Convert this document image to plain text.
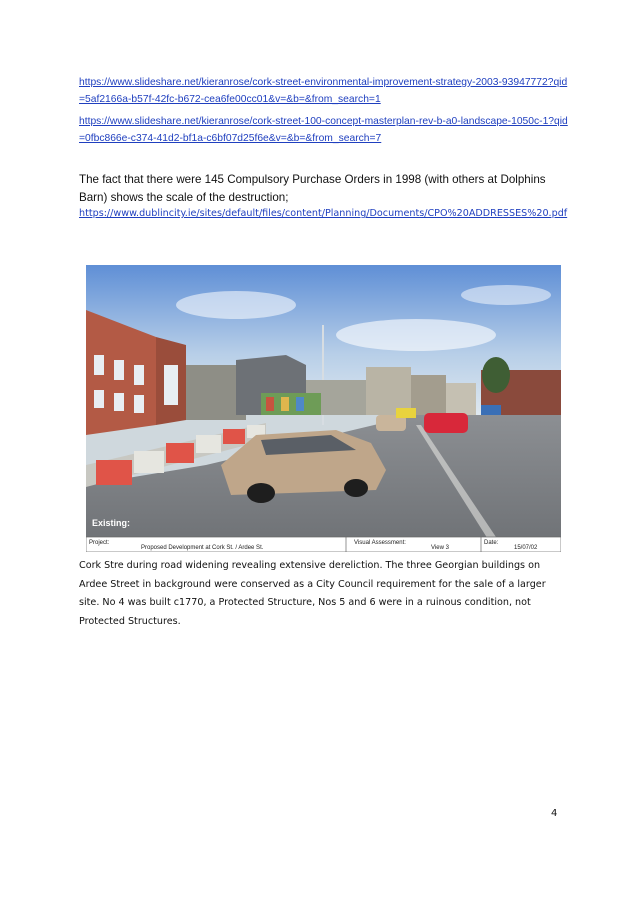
https://www.slideshare.net/kieranrose/cork-street-environmental-improvement-strategy-2003-93947772?qid=5af2166a-b57f-42fc-b672-cea6fe00cc01&v=&b=&from_search=1
https://www.slideshare.net/kieranrose/cork-street-100-concept-masterplan-rev-b-a0-landscape-1050c-1?qid=0fbc866e-c374-41d2-bf1a-c6bf07d25f6e&v=&b=&from_search=7
The fact that there were 145 Compulsory Purchase Orders in 1998 (with others at Dolphins Barn) shows the scale of the destruction;
https://www.dublincity.ie/sites/default/files/content/Planning/Documents/CPO%20ADDRESSES%20.pdf
Existing:
Project:
Proposed Development at Cork St. / Ardee St.
Visual Assessment:
View 3
Date:
15/07/02
Cork Stre during road widening revealing extensive dereliction. The three Georgian buildings on Ardee Street in background were conserved as a City Council requirement for the sale of a larger site. No 4 was built c1770, a Protected Structure, Nos 5 and 6 were in a ruinous condition, not Protected Structures.
4
